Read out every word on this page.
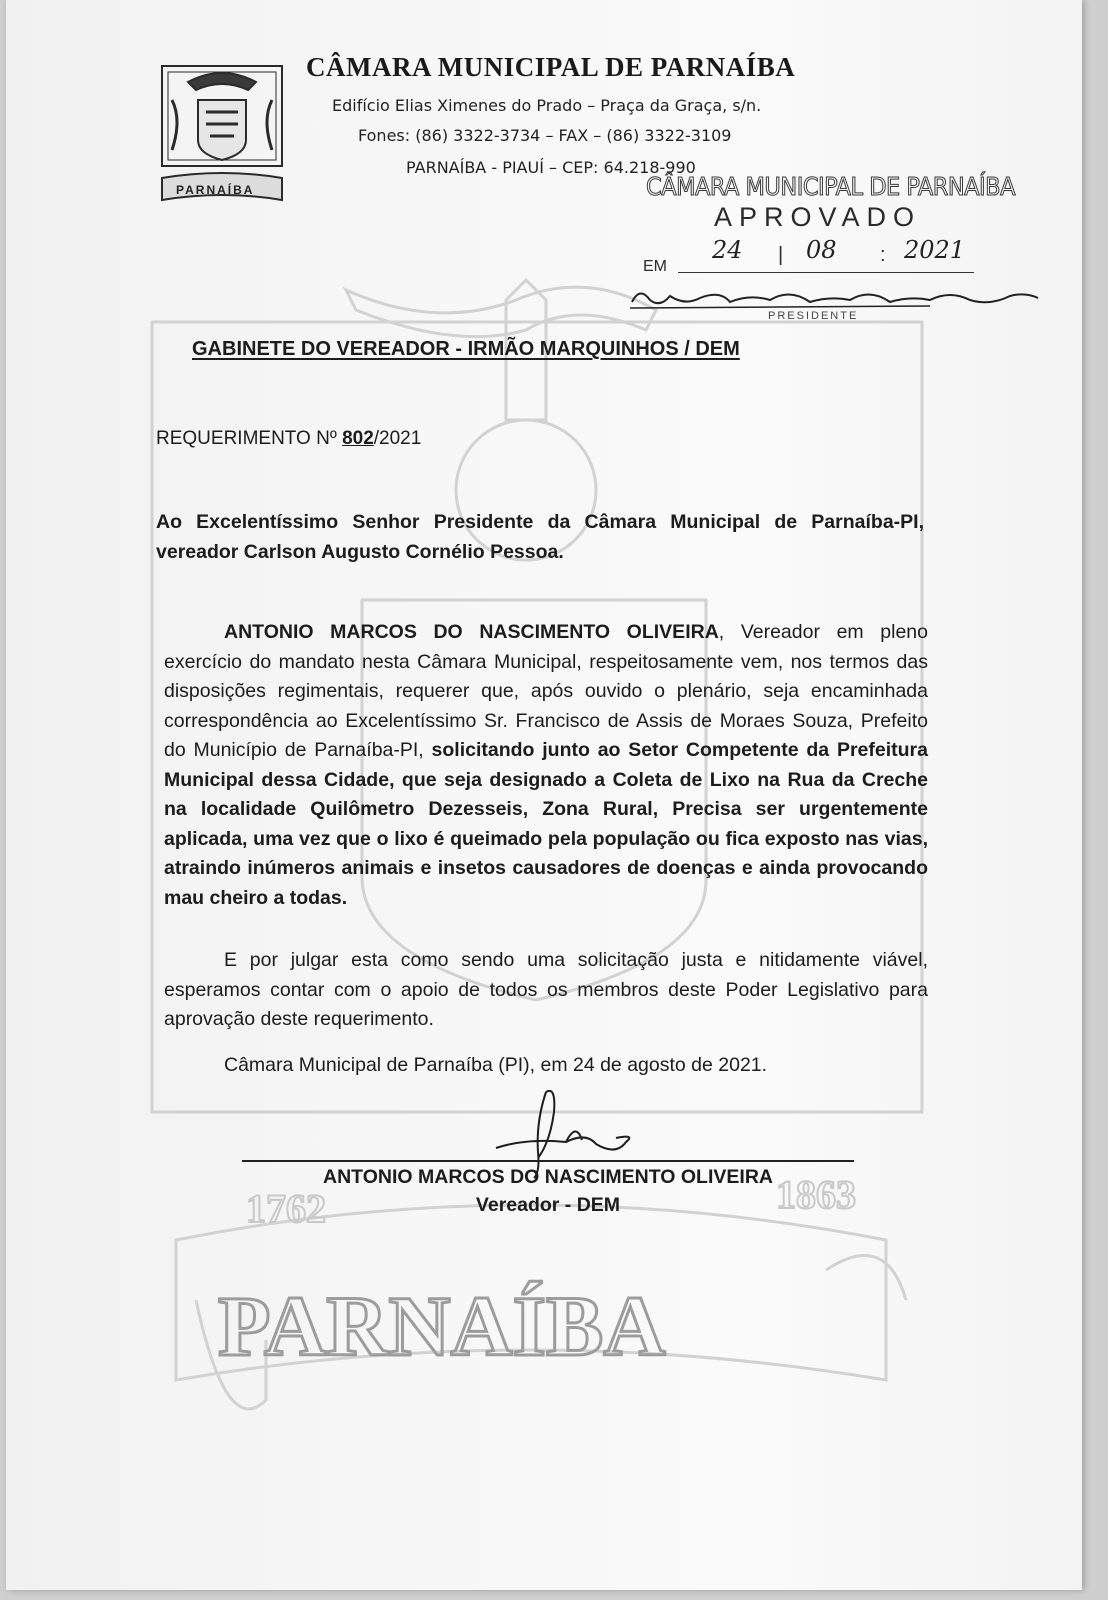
PARNAÍBA
1762	1863
PARNAÍBA
CÂMARA MUNICIPAL DE PARNAÍBA
Edifício Elias Ximenes do Prado – Praça da Graça, s/n.
Fones: (86) 3322-3734 – FAX – (86) 3322-3109
PARNAÍBA - PIAUÍ – CEP: 64.218-990
CÂMARA MUNICIPAL DE PARNAÍBA
APROVADO
EM
24 | 08 : 2021
PRESIDENTE
GABINETE DO VEREADOR - IRMÃO MARQUINHOS / DEM
REQUERIMENTO Nº 802/2021
Ao Excelentíssimo Senhor Presidente da Câmara Municipal de Parnaíba-PI, vereador Carlson Augusto Cornélio Pessoa.
ANTONIO MARCOS DO NASCIMENTO OLIVEIRA, Vereador em pleno exercício do mandato nesta Câmara Municipal, respeitosamente vem, nos termos das disposições regimentais, requerer que, após ouvido o plenário, seja encaminhada correspondência ao Excelentíssimo Sr. Francisco de Assis de Moraes Souza, Prefeito do Município de Parnaíba-PI, solicitando junto ao Setor Competente da Prefeitura Municipal dessa Cidade, que seja designado a Coleta de Lixo na Rua da Creche na localidade Quilômetro Dezesseis, Zona Rural, Precisa ser urgentemente aplicada, uma vez que o lixo é queimado pela população ou fica exposto nas vias, atraindo inúmeros animais e insetos causadores de doenças e ainda provocando mau cheiro a todas.
E por julgar esta como sendo uma solicitação justa e nitidamente viável, esperamos contar com o apoio de todos os membros deste Poder Legislativo para aprovação deste requerimento.
Câmara Municipal de Parnaíba (PI), em 24 de agosto de 2021.
ANTONIO MARCOS DO NASCIMENTO OLIVEIRA
Vereador - DEM
